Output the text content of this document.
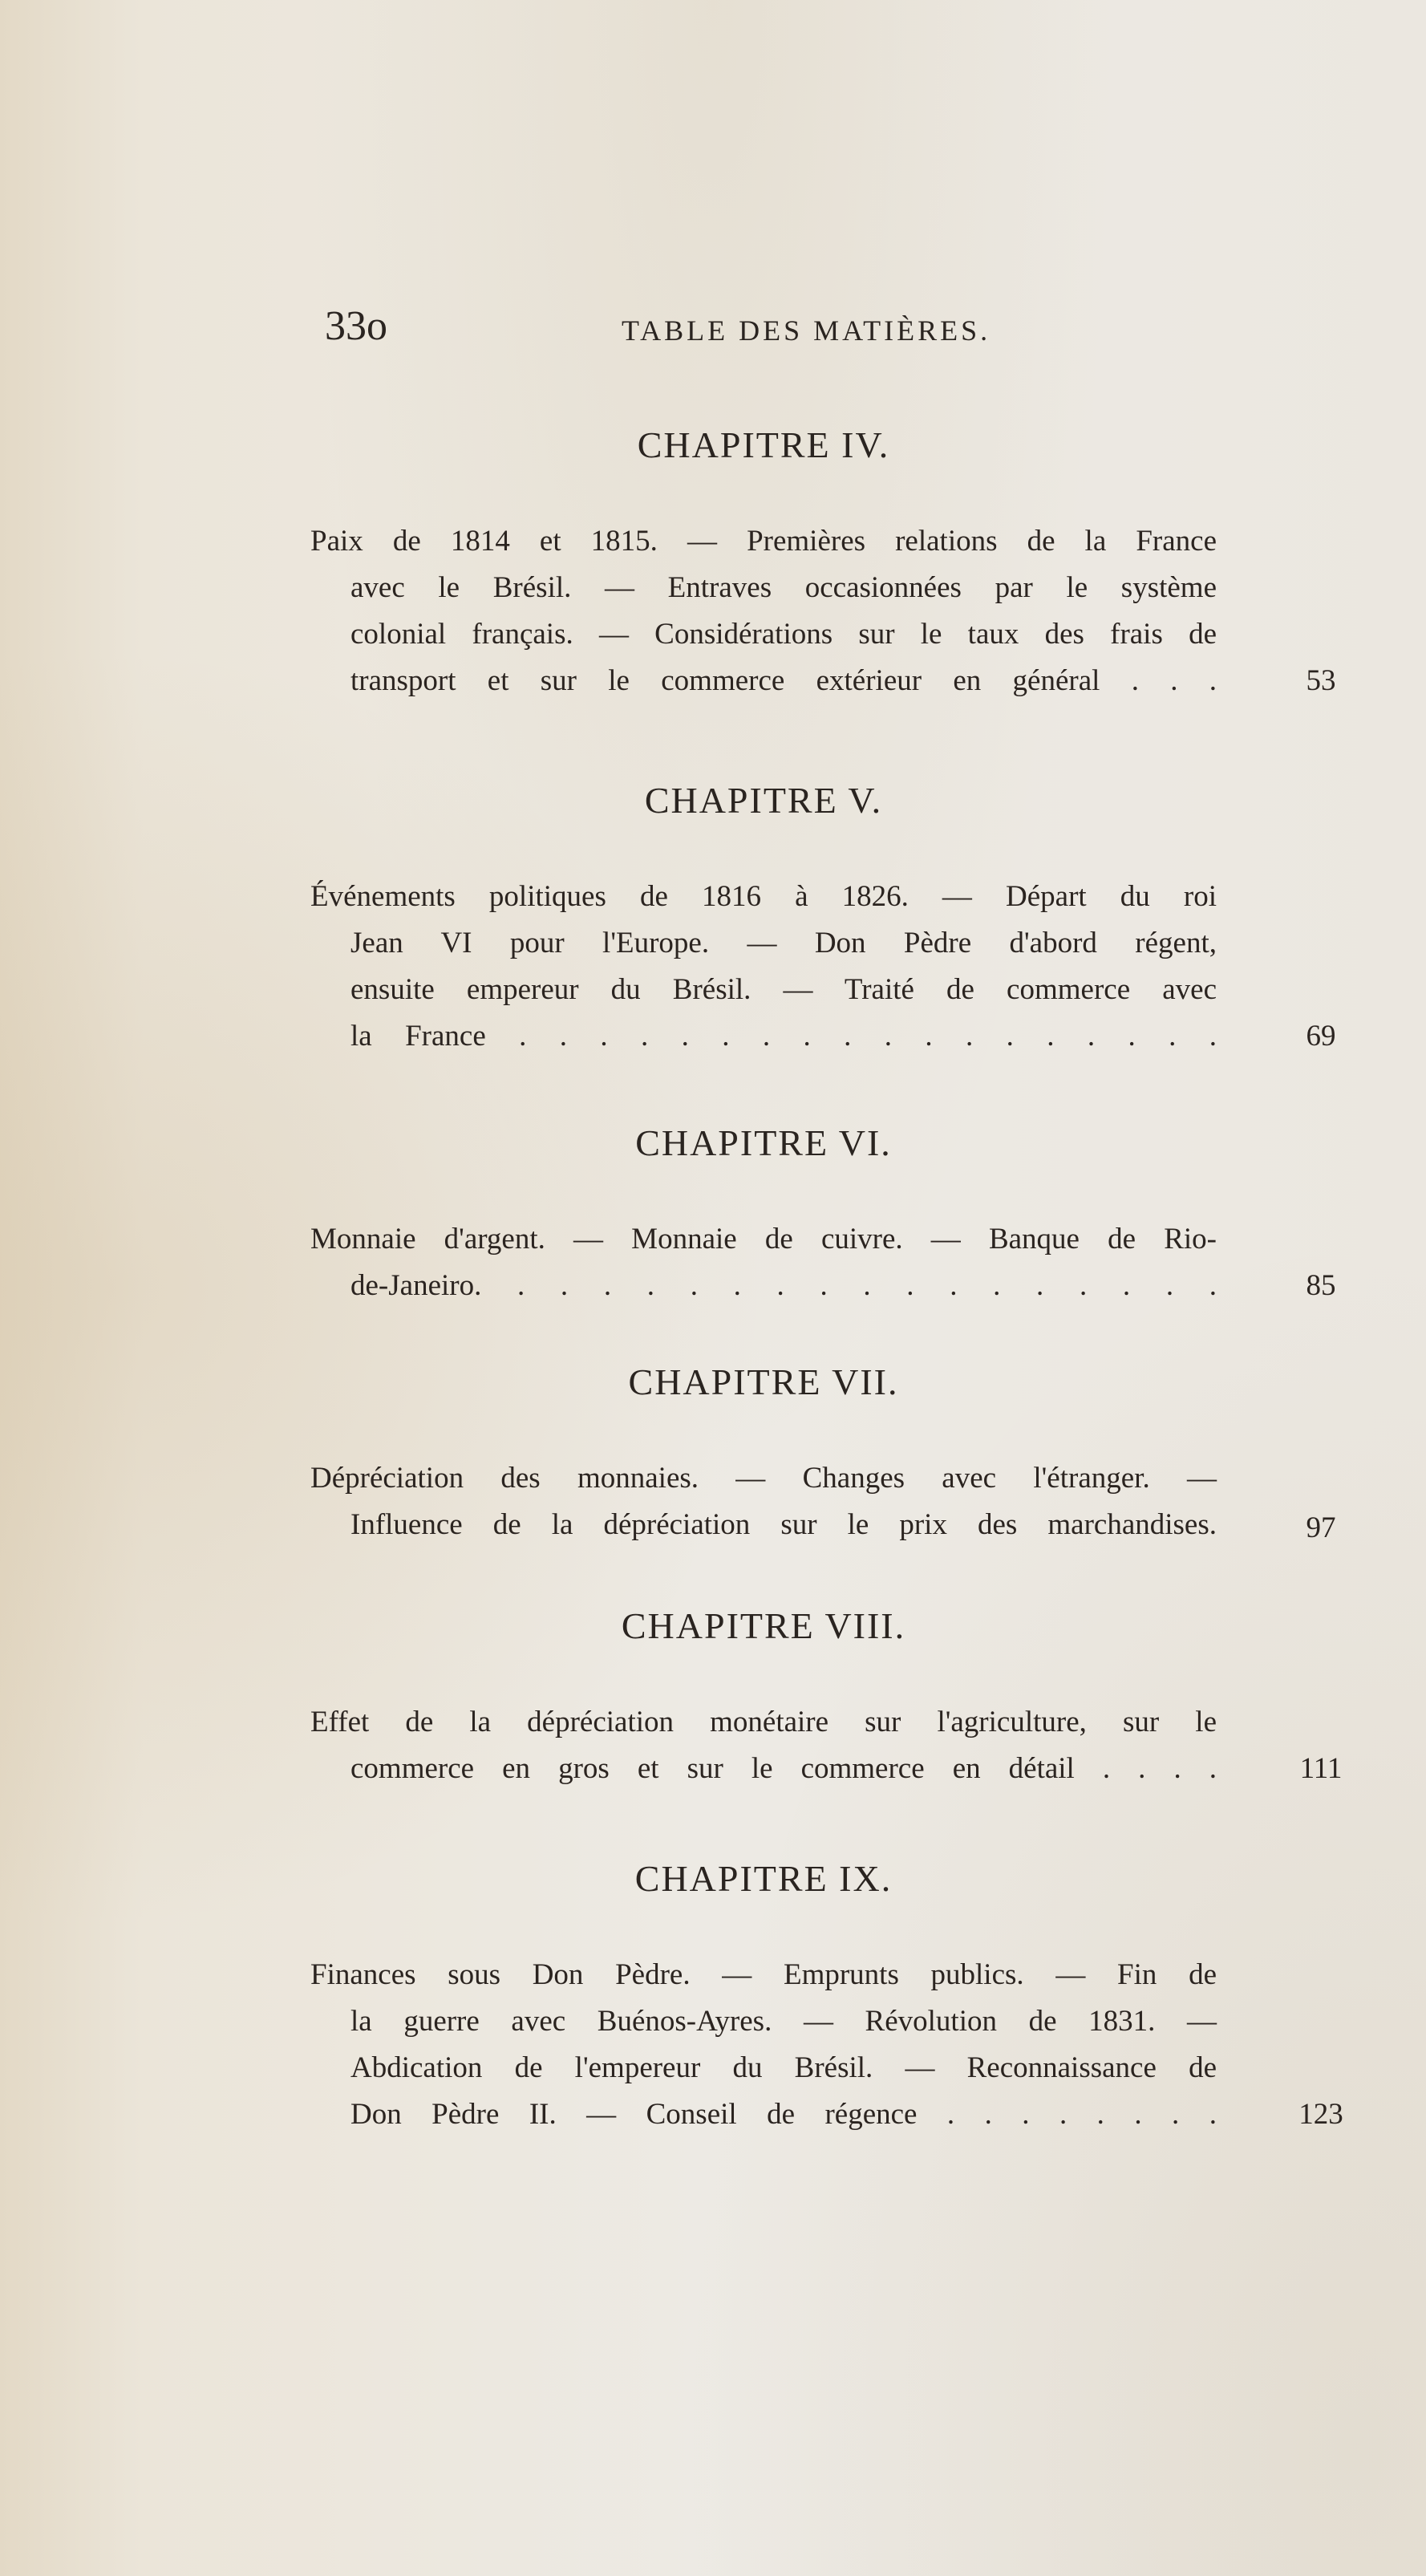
33o	TABLE DES MATIÈRES.
CHAPITRE IV.
Paix de 1814 et 1815. — Premières relations de la France
avec le Brésil. — Entraves occasionnées par le système
colonial français. — Considérations sur le taux des frais de
transport et sur le commerce extérieur en général . . .	53
CHAPITRE V.
Événements politiques de 1816 à 1826. — Départ du roi
Jean VI pour l'Europe. — Don Pèdre d'abord régent,
ensuite empereur du Brésil. — Traité de commerce avec
la France . . . . . . . . . . . . . . . . . .	69
CHAPITRE VI.
Monnaie d'argent. — Monnaie de cuivre. — Banque de Rio-
de-Janeiro. . . . . . . . . . . . . . . . . .	85
CHAPITRE VII.
Dépréciation des monnaies. — Changes avec l'étranger. —
Influence de la dépréciation sur le prix des marchandises.	97
CHAPITRE VIII.
Effet de la dépréciation monétaire sur l'agriculture, sur le
commerce en gros et sur le commerce en détail . . . .	111
CHAPITRE IX.
Finances sous Don Pèdre. — Emprunts publics. — Fin de
la guerre avec Buénos-Ayres. — Révolution de 1831. —
Abdication de l'empereur du Brésil. — Reconnaissance de
Don Pèdre II. — Conseil de régence . . . . . . . .	123
